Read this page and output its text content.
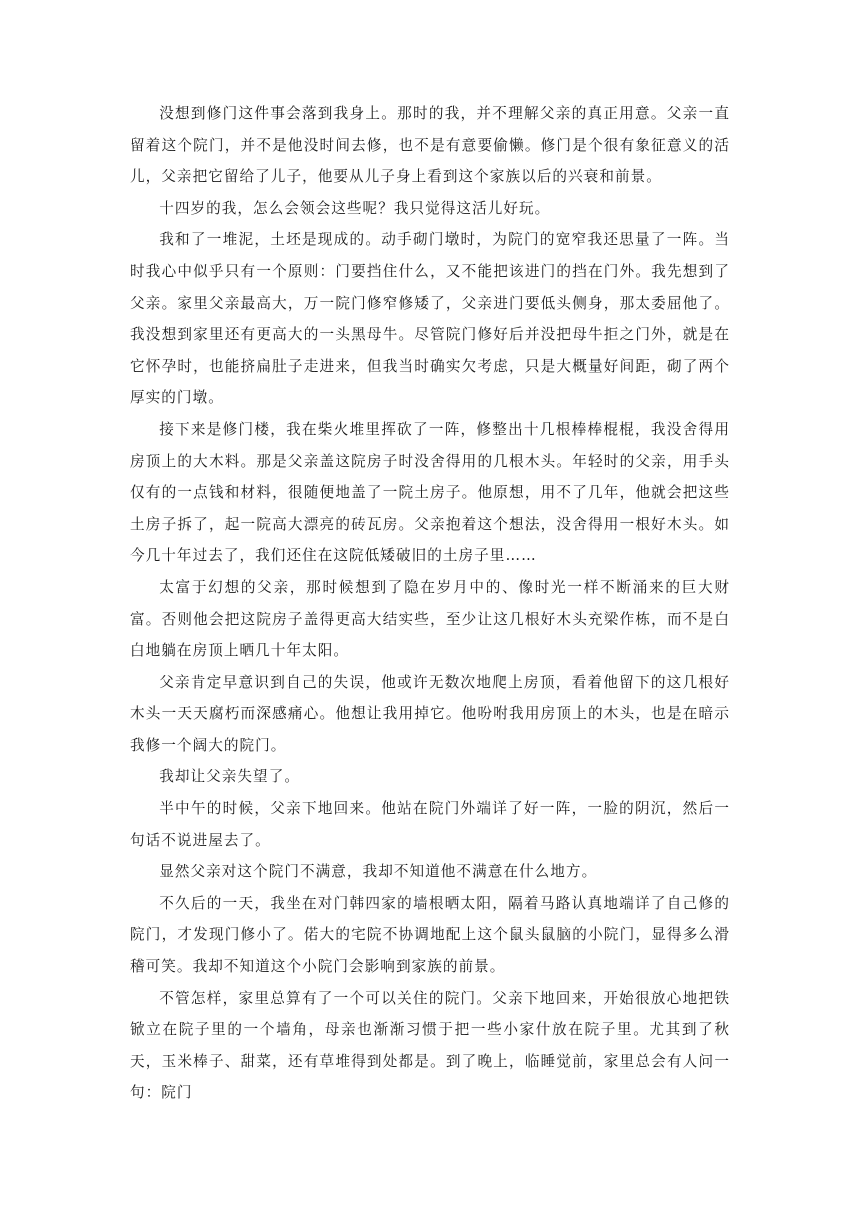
没想到修门这件事会落到我身上。那时的我，并不理解父亲的真正用意。父亲一直留着这个院门，并不是他没时间去修，也不是有意要偷懒。修门是个很有象征意义的活儿，父亲把它留给了儿子，他要从儿子身上看到这个家族以后的兴衰和前景。

十四岁的我，怎么会领会这些呢？我只觉得这活儿好玩。

我和了一堆泥，土坯是现成的。动手砌门墩时，为院门的宽窄我还思量了一阵。当时我心中似乎只有一个原则：门要挡住什么，又不能把该进门的挡在门外。我先想到了父亲。家里父亲最高大，万一院门修窄修矮了，父亲进门要低头侧身，那太委屈他了。我没想到家里还有更高大的一头黑母牛。尽管院门修好后并没把母牛拒之门外，就是在它怀孕时，也能挤扁肚子走进来，但我当时确实欠考虑，只是大概量好间距，砌了两个厚实的门墩。

接下来是修门楼，我在柴火堆里挥砍了一阵，修整出十几根棒棒棍棍，我没舍得用房顶上的大木料。那是父亲盖这院房子时没舍得用的几根木头。年轻时的父亲，用手头仅有的一点钱和材料，很随便地盖了一院土房子。他原想，用不了几年，他就会把这些土房子拆了，起一院高大漂亮的砖瓦房。父亲抱着这个想法，没舍得用一根好木头。如今几十年过去了，我们还住在这院低矮破旧的土房子里……

太富于幻想的父亲，那时候想到了隐在岁月中的、像时光一样不断涌来的巨大财富。否则他会把这院房子盖得更高大结实些，至少让这几根好木头充梁作栋，而不是白白地躺在房顶上晒几十年太阳。

父亲肯定早意识到自己的失误，他或许无数次地爬上房顶，看着他留下的这几根好木头一天天腐朽而深感痛心。他想让我用掉它。他吩咐我用房顶上的木头，也是在暗示我修一个阔大的院门。

我却让父亲失望了。

半中午的时候，父亲下地回来。他站在院门外端详了好一阵，一脸的阴沉，然后一句话不说进屋去了。

显然父亲对这个院门不满意，我却不知道他不满意在什么地方。

不久后的一天，我坐在对门韩四家的墙根晒太阳，隔着马路认真地端详了自己修的院门，才发现门修小了。偌大的宅院不协调地配上这个鼠头鼠脑的小院门，显得多么滑稽可笑。我却不知道这个小院门会影响到家族的前景。

不管怎样，家里总算有了一个可以关住的院门。父亲下地回来，开始很放心地把铁锨立在院子里的一个墙角，母亲也渐渐习惯于把一些小家什放在院子里。尤其到了秋天，玉米棒子、甜菜，还有草堆得到处都是。到了晚上，临睡觉前，家里总会有人问一句：院门
